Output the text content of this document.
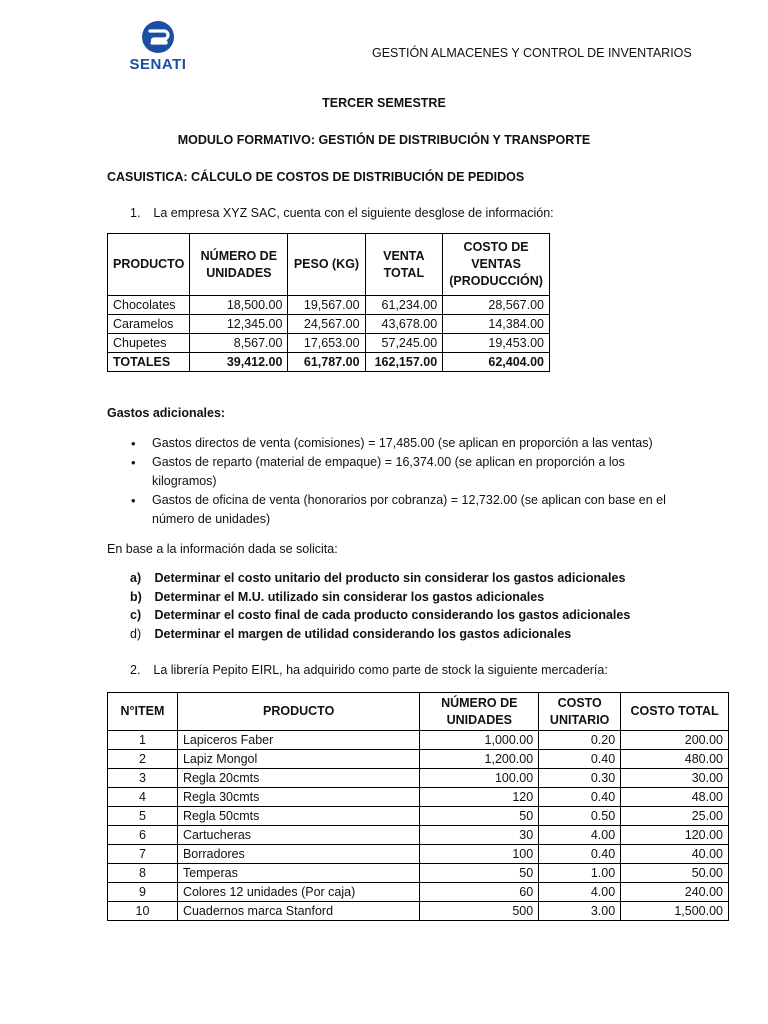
SENATI
GESTIÓN ALMACENES Y CONTROL DE INVENTARIOS
TERCER SEMESTRE
MODULO FORMATIVO: GESTIÓN DE DISTRIBUCIÓN Y TRANSPORTE
CASUISTICA: CÁLCULO DE COSTOS DE DISTRIBUCIÓN DE PEDIDOS
1. La empresa XYZ SAC, cuenta con el siguiente desglose de información:
PRODUCTO	NÚMERO DE UNIDADES	PESO (KG)	VENTA TOTAL	COSTO DE VENTAS (PRODUCCIÓN)
Chocolates	18,500.00	19,567.00	61,234.00	28,567.00
Caramelos	12,345.00	24,567.00	43,678.00	14,384.00
Chupetes	8,567.00	17,653.00	57,245.00	19,453.00
TOTALES	39,412.00	61,787.00	162,157.00	62,404.00
Gastos adicionales:
• Gastos directos de venta (comisiones) = 17,485.00 (se aplican en proporción a las ventas)
• Gastos de reparto (material de empaque) = 16,374.00 (se aplican en proporción a los kilogramos)
• Gastos de oficina de venta (honorarios por cobranza) = 12,732.00 (se aplican con base en el número de unidades)
En base a la información dada se solicita:
a) Determinar el costo unitario del producto sin considerar los gastos adicionales
b) Determinar el M.U. utilizado sin considerar los gastos adicionales
c) Determinar el costo final de cada producto considerando los gastos adicionales
d) Determinar el margen de utilidad considerando los gastos adicionales
2. La librería Pepito EIRL, ha adquirido como parte de stock la siguiente mercadería:
N°ITEM	PRODUCTO	NÚMERO DE UNIDADES	COSTO UNITARIO	COSTO TOTAL
1	Lapiceros Faber	1,000.00	0.20	200.00
2	Lapiz Mongol	1,200.00	0.40	480.00
3	Regla 20cmts	100.00	0.30	30.00
4	Regla 30cmts	120	0.40	48.00
5	Regla 50cmts	50	0.50	25.00
6	Cartucheras	30	4.00	120.00
7	Borradores	100	0.40	40.00
8	Temperas	50	1.00	50.00
9	Colores 12 unidades (Por caja)	60	4.00	240.00
10	Cuadernos marca Stanford	500	3.00	1,500.00
